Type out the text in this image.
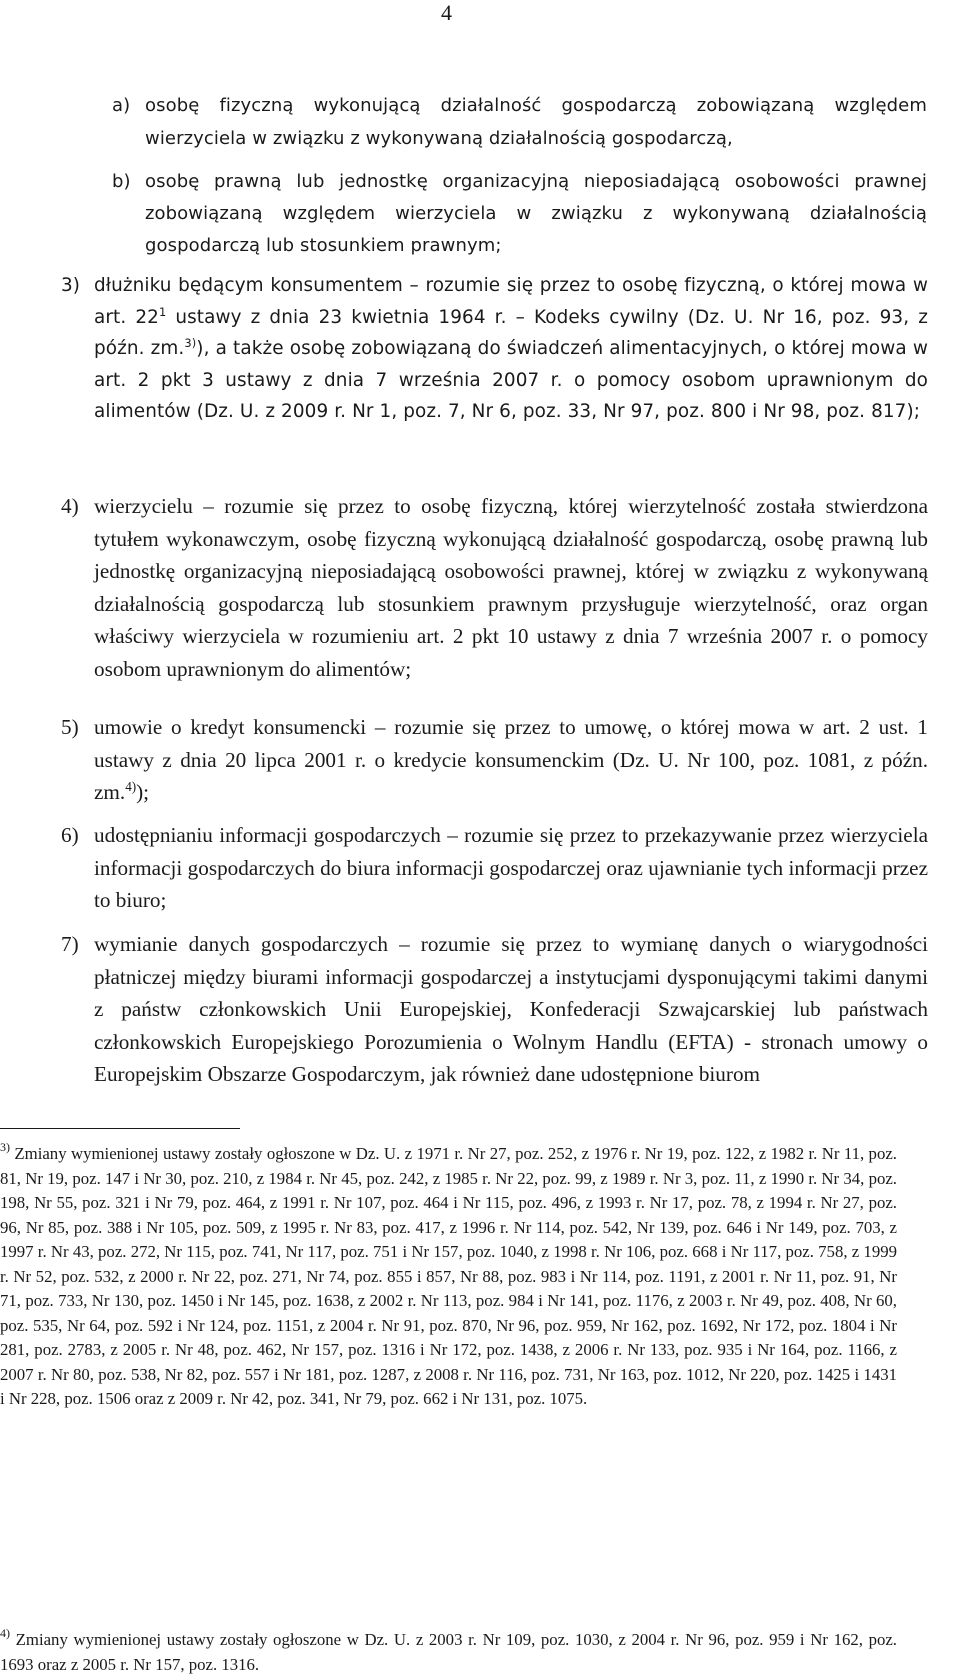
4

a) osobę fizyczną wykonującą działalność gospodarczą zobowiązaną względem wierzyciela w związku z wykonywaną działalnością gospodarczą,

b) osobę prawną lub jednostkę organizacyjną nieposiadającą osobowości prawnej zobowiązaną względem wierzyciela w związku z wykonywaną działalnością gospodarczą lub stosunkiem prawnym;

3) dłużniku będącym konsumentem – rozumie się przez to osobę fizyczną, o której mowa w art. $22^1$ ustawy z dnia 23 kwietnia 1964 r. – Kodeks cywilny (Dz. U. Nr 16, poz. 93, z późn. zm.$^{3)}$), a także osobę zobowiązaną do świadczeń alimentacyjnych, o której mowa w art. 2 pkt 3 ustawy z dnia 7 września 2007 r. o pomocy osobom uprawnionym do alimentów (Dz. U. z 2009 r. Nr 1, poz. 7, Nr 6, poz. 33, Nr 97, poz. 800 i Nr 98, poz. 817);

4) wierzycielu – rozumie się przez to osobę fizyczną, której wierzytelność została stwierdzona tytułem wykonawczym, osobę fizyczną wykonującą działalność gospodarczą, osobę prawną lub jednostkę organizacyjną nieposiadającą osobowości prawnej, której w związku z wykonywaną działalnością gospodarczą lub stosunkiem prawnym przysługuje wierzytelność, oraz organ właściwy wierzyciela w rozumieniu art. 2 pkt 10 ustawy z dnia 7 września 2007 r. o pomocy osobom uprawnionym do alimentów;

5) umowie o kredyt konsumencki – rozumie się przez to umowę, o której mowa w art. 2 ust. 1 ustawy z dnia 20 lipca 2001 r. o kredycie konsumenckim (Dz. U. Nr 100, poz. 1081, z późn. zm.$^{4)}$);

6) udostępnianiu informacji gospodarczych – rozumie się przez to przekazywanie przez wierzyciela informacji gospodarczych do biura informacji gospodarczej oraz ujawnianie tych informacji przez to biuro;

7) wymianie danych gospodarczych – rozumie się przez to wymianę danych o wiarygodności płatniczej między biurami informacji gospodarczej a instytucjami dysponującymi takimi danymi z państw członkowskich Unii Europejskiej, Konfederacji Szwajcarskiej lub państwach członkowskich Europejskiego Porozumienia o Wolnym Handlu (EFTA) - stronach umowy o Europejskim Obszarze Gospodarczym, jak również dane udostępnione biurom

$^{3)}$ Zmiany wymienionej ustawy zostały ogłoszone w Dz. U. z 1971 r. Nr 27, poz. 252, z 1976 r. Nr 19, poz. 122, z 1982 r. Nr 11, poz. 81, Nr 19, poz. 147 i Nr 30, poz. 210, z 1984 r. Nr 45, poz. 242, z 1985 r. Nr 22, poz. 99, z 1989 r. Nr 3, poz. 11, z 1990 r. Nr 34, poz. 198, Nr 55, poz. 321 i Nr 79, poz. 464, z 1991 r. Nr 107, poz. 464 i Nr 115, poz. 496, z 1993 r. Nr 17, poz. 78, z 1994 r. Nr 27, poz. 96, Nr 85, poz. 388 i Nr 105, poz. 509, z 1995 r. Nr 83, poz. 417, z 1996 r. Nr 114, poz. 542, Nr 139, poz. 646 i Nr 149, poz. 703, z 1997 r. Nr 43, poz. 272, Nr 115, poz. 741, Nr 117, poz. 751 i Nr 157, poz. 1040, z 1998 r. Nr 106, poz. 668 i Nr 117, poz. 758, z 1999 r. Nr 52, poz. 532, z 2000 r. Nr 22, poz. 271, Nr 74, poz. 855 i 857, Nr 88, poz. 983 i Nr 114, poz. 1191, z 2001 r. Nr 11, poz. 91, Nr 71, poz. 733, Nr 130, poz. 1450 i Nr 145, poz. 1638, z 2002 r. Nr 113, poz. 984 i Nr 141, poz. 1176, z 2003 r. Nr 49, poz. 408, Nr 60, poz. 535, Nr 64, poz. 592 i Nr 124, poz. 1151, z 2004 r. Nr 91, poz. 870, Nr 96, poz. 959, Nr 162, poz. 1692, Nr 172, poz. 1804 i Nr 281, poz. 2783, z 2005 r. Nr 48, poz. 462, Nr 157, poz. 1316 i Nr 172, poz. 1438, z 2006 r. Nr 133, poz. 935 i Nr 164, poz. 1166, z 2007 r. Nr 80, poz. 538, Nr 82, poz. 557 i Nr 181, poz. 1287, z 2008 r. Nr 116, poz. 731, Nr 163, poz. 1012, Nr 220, poz. 1425 i 1431 i Nr 228, poz. 1506 oraz z 2009 r. Nr 42, poz. 341, Nr 79, poz. 662 i Nr 131, poz. 1075.

$^{4)}$ Zmiany wymienionej ustawy zostały ogłoszone w Dz. U. z 2003 r. Nr 109, poz. 1030, z 2004 r. Nr 96, poz. 959 i Nr 162, poz. 1693 oraz z 2005 r. Nr 157, poz. 1316.
